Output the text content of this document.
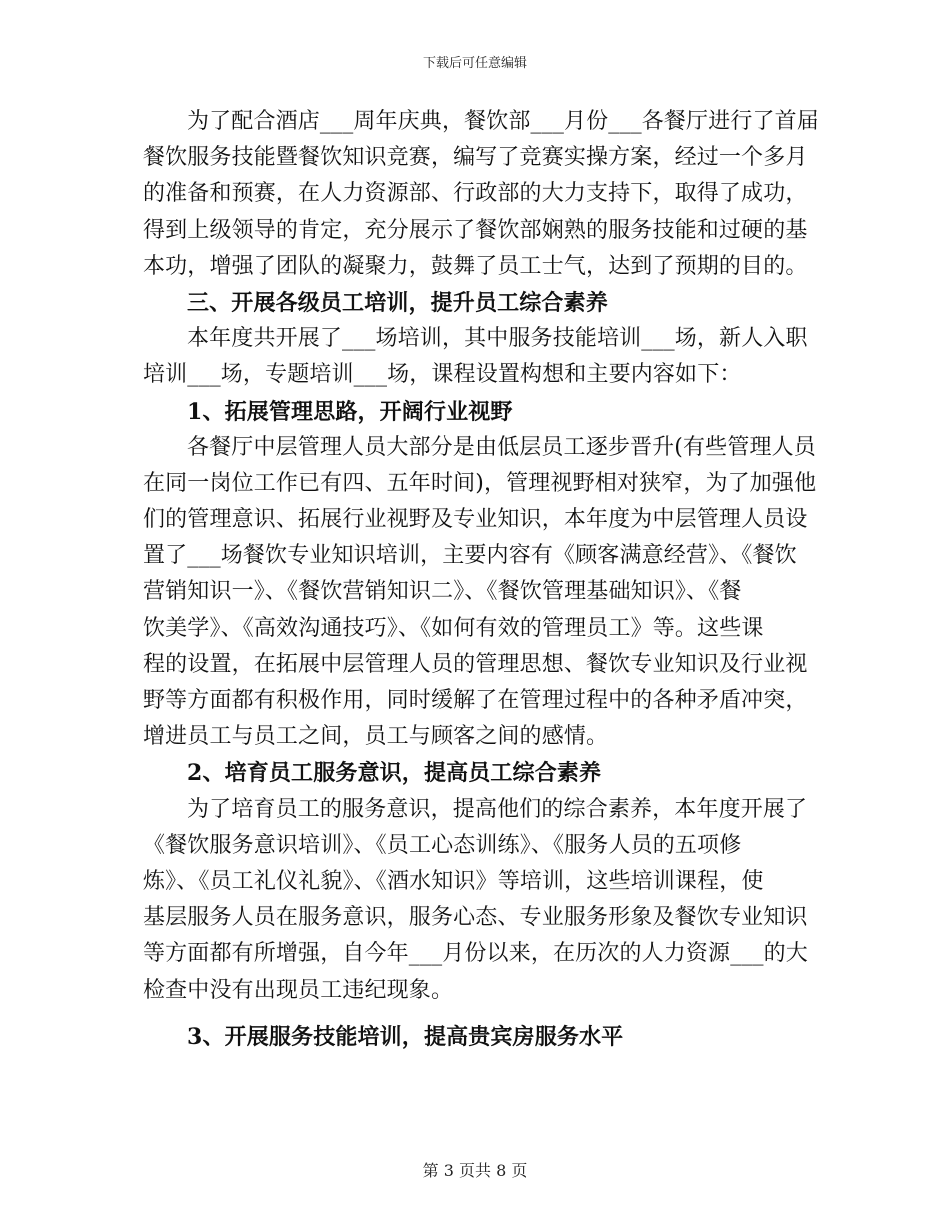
下载后可任意编辑
为了配合酒店___周年庆典，餐饮部___月份___各餐厅进行了首届
餐饮服务技能暨餐饮知识竞赛，编写了竞赛实操方案，经过一个多月
的准备和预赛，在人力资源部、行政部的大力支持下，取得了成功，
得到上级领导的肯定，充分展示了餐饮部娴熟的服务技能和过硬的基
本功，增强了团队的凝聚力，鼓舞了员工士气，达到了预期的目的。
三、开展各级员工培训，提升员工综合素养
本年度共开展了___场培训，其中服务技能培训___场，新人入职
培训___场，专题培训___场，课程设置构想和主要内容如下：
1、拓展管理思路，开阔行业视野
各餐厅中层管理人员大部分是由低层员工逐步晋升(有些管理人员
在同一岗位工作已有四、五年时间)，管理视野相对狭窄，为了加强他
们的管理意识、拓展行业视野及专业知识，本年度为中层管理人员设
置了___场餐饮专业知识培训，主要内容有《顾客满意经营》、《餐饮
营销知识一》、《餐饮营销知识二》、《餐饮管理基础知识》、《餐
饮美学》、《高效沟通技巧》、《如何有效的管理员工》等。这些课
程的设置，在拓展中层管理人员的管理思想、餐饮专业知识及行业视
野等方面都有积极作用，同时缓解了在管理过程中的各种矛盾冲突，
增进员工与员工之间，员工与顾客之间的感情。
2、培育员工服务意识，提高员工综合素养
为了培育员工的服务意识，提高他们的综合素养，本年度开展了
《餐饮服务意识培训》、《员工心态训练》、《服务人员的五项修
炼》、《员工礼仪礼貌》、《酒水知识》等培训，这些培训课程，使
基层服务人员在服务意识，服务心态、专业服务形象及餐饮专业知识
等方面都有所增强，自今年___月份以来，在历次的人力资源___的大
检查中没有出现员工违纪现象。
3、开展服务技能培训，提高贵宾房服务水平
第 3 页共 8 页
